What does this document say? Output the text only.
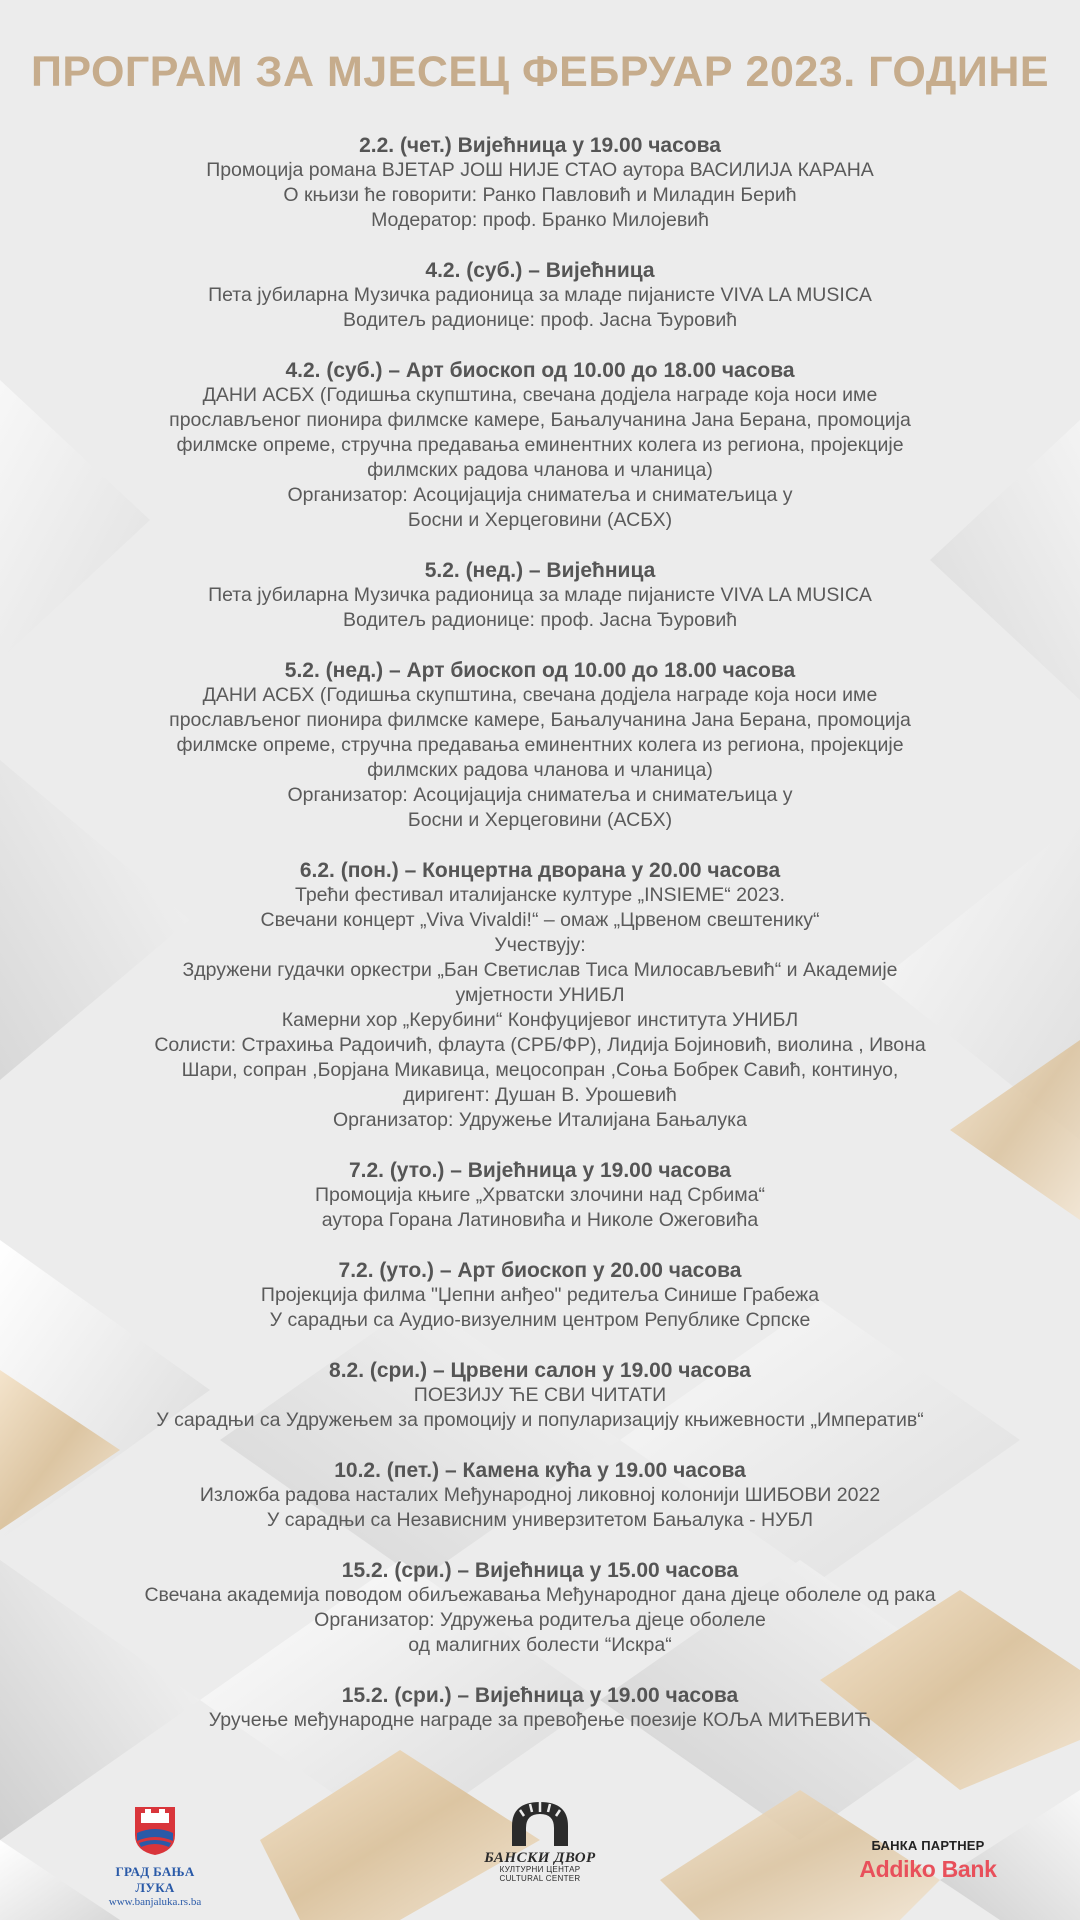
ПРОГРАМ ЗА МЈЕСЕЦ ФЕБРУАР 2023. ГОДИНЕ
2.2. (чет.) Вијећница у 19.00 часова
Промоција романа ВЈЕТАР ЈОШ НИЈЕ СТАО аутора ВАСИЛИЈА КАРАНА
О књизи ће говорити: Ранко Павловић и Миладин Берић
Модератор: проф. Бранко Милојевић
4.2. (суб.) – Вијећница
Пета јубиларна Музичка радионица за младе пијанисте VIVA LA MUSICA
Водитељ радионице: проф. Јасна Ђуровић
4.2. (суб.) – Арт биоскоп од 10.00 до 18.00 часова
ДАНИ АСБХ (Годишња скупштина, свечана додјела награде која носи име
прослављеног пионира филмске камере, Бањалучанина Јана Берана, промоција
филмске опреме, стручна предавања еминентних колега из региона, пројекције
филмских радова чланова и чланица)
Организатор: Асоцијација сниматеља и сниматељица у
Босни и Херцеговини (АСБХ)
5.2. (нед.) – Вијећница
Пета јубиларна Музичка радионица за младе пијанисте VIVA LA MUSICA
Водитељ радионице: проф. Јасна Ђуровић
5.2. (нед.) – Арт биоскоп од 10.00 до 18.00 часова
ДАНИ АСБХ (Годишња скупштина, свечана додјела награде која носи име
прослављеног пионира филмске камере, Бањалучанина Јана Берана, промоција
филмске опреме, стручна предавања еминентних колега из региона, пројекције
филмских радова чланова и чланица)
Организатор: Асоцијација сниматеља и сниматељица у
Босни и Херцеговини (АСБХ)
6.2. (пон.) – Концертна дворана у 20.00 часова
Трећи фестивал италијанске културе „INSIEME“ 2023.
Свечани концерт „Viva Vivaldi!“ – омаж „Црвеном свештенику“
Учествују:
Здружени гудачки оркестри „Бан Светислав Тиса Милосављевић“ и Академије
умјетности УНИБЛ
Камерни хор „Керубини“ Конфуцијевог института УНИБЛ
Солисти: Страхиња Радоичић, флаута (СРБ/ФР), Лидија Бојиновић, виолина , Ивона
Шари, сопран ,Борјана Микавица, мецосопран ,Соња Бобрек Савић, континуо,
диригент: Душан В. Урошевић
Организатор: Удружење Италијана Бањалука
7.2. (уто.) – Вијећница у 19.00 часова
Промоција књиге „Хрватски злочини над Србима“
аутора Горана Латиновића и Николе Ожеговића
7.2. (уто.) – Арт биоскоп у 20.00 часова
Пројекција филма "Џепни анђео" редитеља Синише Грабежа
У сарадњи са Аудио-визуелним центром Републике Српске
8.2. (сри.) – Црвени салон у 19.00 часова
ПОЕЗИЈУ ЋЕ СВИ ЧИТАТИ
У сарадњи са Удружењем за промоцију и популаризацију књижевности „Императив“
10.2. (пет.) – Камена кућа у 19.00 часова
Изложба радова насталих Међународној ликовној колонији ШИБОВИ 2022
У сарадњи са Независним универзитетом Бањалука - НУБЛ
15.2. (сри.) – Вијећница у 15.00 часова
Свечана академија поводом обиљежавања Међународног дана дјеце оболеле од рака
Организатор: Удружења родитеља дјеце оболеле
од малигних болести “Искра“
15.2. (сри.) – Вијећница у 19.00 часова
Уручење међународне награде за превођење поезије КОЉА МИЋЕВИЋ
ГРАД БАЊА ЛУКА
www.banjaluka.rs.ba
БАНСКИ ДВОР
КУЛТУРНИ ЦЕНТАР
CULTURAL CENTER
БАНКА ПАРТНЕР
Addiko Bank
